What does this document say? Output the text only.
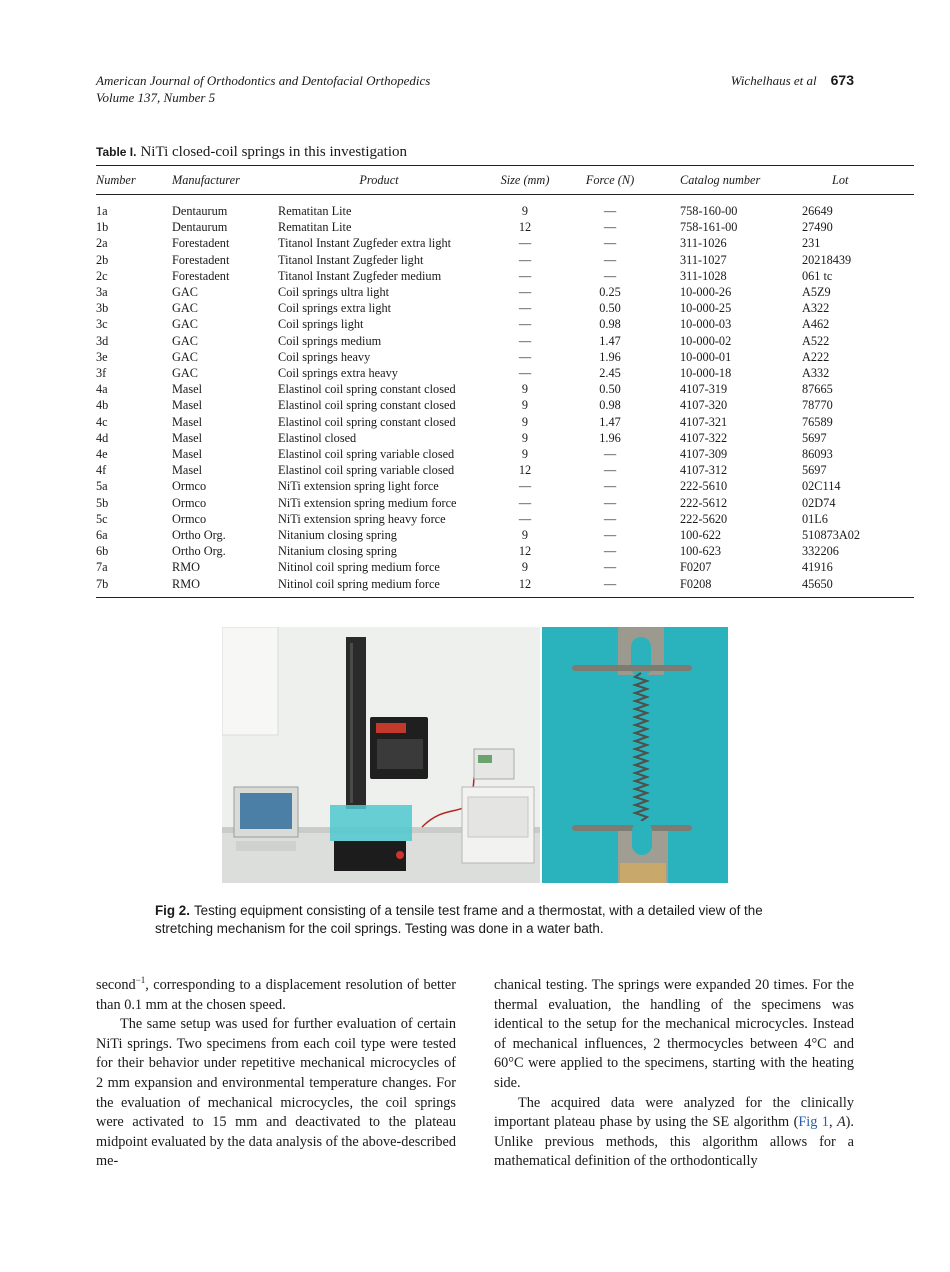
American Journal of Orthodontics and Dentofacial Orthopedics
Volume 137, Number 5
Wichelhaus et al 673
Table I. NiTi closed-coil springs in this investigation
Number	Manufacturer	Product	Size (mm)	Force (N)	Catalog number	Lot
1a	Dentaurum	Rematitan Lite	9	—	758-160-00	26649
1b	Dentaurum	Rematitan Lite	12	—	758-161-00	27490
2a	Forestadent	Titanol Instant Zugfeder extra light	—	—	311-1026	231
2b	Forestadent	Titanol Instant Zugfeder light	—	—	311-1027	20218439
2c	Forestadent	Titanol Instant Zugfeder medium	—	—	311-1028	061 tc
3a	GAC	Coil springs ultra light	—	0.25	10-000-26	A5Z9
3b	GAC	Coil springs extra light	—	0.50	10-000-25	A322
3c	GAC	Coil springs light	—	0.98	10-000-03	A462
3d	GAC	Coil springs medium	—	1.47	10-000-02	A522
3e	GAC	Coil springs heavy	—	1.96	10-000-01	A222
3f	GAC	Coil springs extra heavy	—	2.45	10-000-18	A332
4a	Masel	Elastinol coil spring constant closed	9	0.50	4107-319	87665
4b	Masel	Elastinol coil spring constant closed	9	0.98	4107-320	78770
4c	Masel	Elastinol coil spring constant closed	9	1.47	4107-321	76589
4d	Masel	Elastinol closed	9	1.96	4107-322	5697
4e	Masel	Elastinol coil spring variable closed	9	—	4107-309	86093
4f	Masel	Elastinol coil spring variable closed	12	—	4107-312	5697
5a	Ormco	NiTi extension spring light force	—	—	222-5610	02C114
5b	Ormco	NiTi extension spring medium force	—	—	222-5612	02D74
5c	Ormco	NiTi extension spring heavy force	—	—	222-5620	01L6
6a	Ortho Org.	Nitanium closing spring	9	—	100-622	510873A02
6b	Ortho Org.	Nitanium closing spring	12	—	100-623	332206
7a	RMO	Nitinol coil spring medium force	9	—	F0207	41916
7b	RMO	Nitinol coil spring medium force	12	—	F0208	45650
Fig 2. Testing equipment consisting of a tensile test frame and a thermostat, with a detailed view of the stretching mechanism for the coil springs. Testing was done in a water bath.

second$^{-1}$, corresponding to a displacement resolution of better than 0.1 mm at the chosen speed.

The same setup was used for further evaluation of certain NiTi springs. Two specimens from each coil type were tested for their behavior under repetitive mechanical microcycles of 2 mm expansion and environmental temperature changes. For the evaluation of mechanical microcycles, the coil springs were activated to 15 mm and deactivated to the plateau midpoint evaluated by the data analysis of the above-described me-

chanical testing. The springs were expanded 20 times. For the thermal evaluation, the handling of the specimens was identical to the setup for the mechanical microcycles. Instead of mechanical influences, 2 thermocycles between 4°C and 60°C were applied to the specimens, starting with the heating side.

The acquired data were analyzed for the clinically important plateau phase by using the SE algorithm (Fig 1, A). Unlike previous methods, this algorithm allows for a mathematical definition of the orthodontically
